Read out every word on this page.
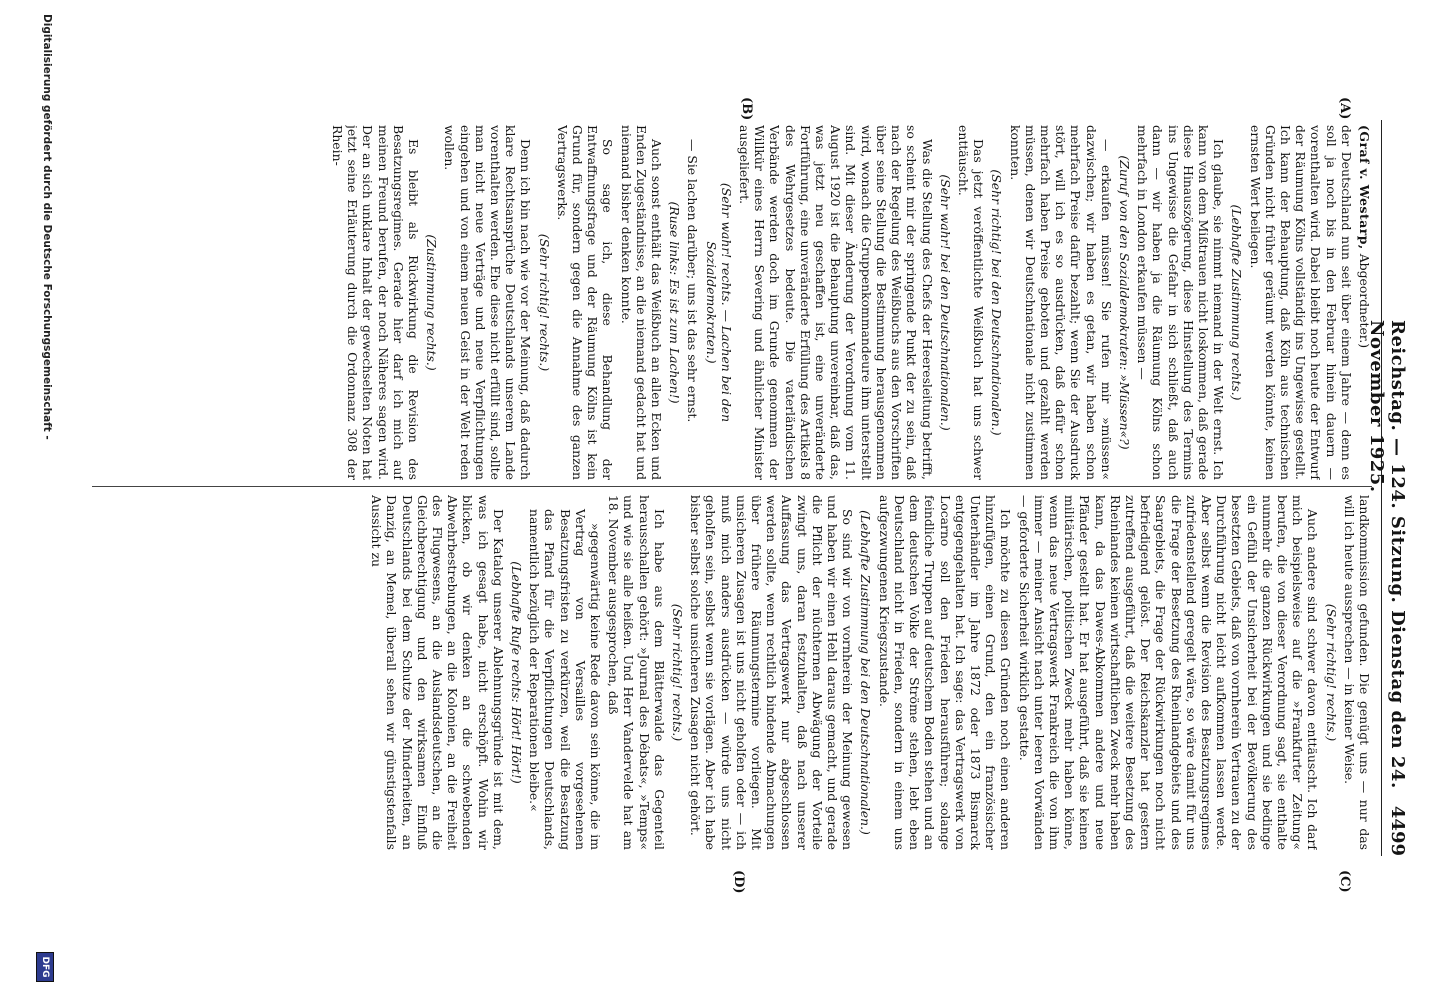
Reichstag. — 124. Sitzung. Dienstag den 24. November 1925.
4499
(A)
(B)
(C)
(D)

(Graf v. Westarp, Abgeordneter.)

der Deutschland nun seit über einem Jahre — denn es soll ja noch bis in den Februar hinein dauern — vorenthalten wird. Dabei bleibt noch heute der Entwurf der Räumung Kölns vollständig ins Ungewisse gestellt. Ich kann der Behauptung, daß Köln aus technischen Gründen nicht früher geräumt werden könnte, keinen ernsten Wert beilegen.

(Lebhafte Zustimmung rechts.)

Ich glaube, sie nimmt niemand in der Welt ernst. Ich kann von dem Mißtrauen nicht loskommen, daß gerade diese Hinauszögerung, diese Hinstellung des Termins ins Ungewisse die Gefahr in sich schließt, daß auch dann — wir haben ja die Räumung Kölns schon mehrfach in London erkaufen müssen —

(Zuruf von den Sozialdemokraten: »Müssen«?)

— erkaufen müssen! Sie rufen mir »müssen« dazwischen; wir haben es getan, wir haben schon mehrfach Preise dafür bezahlt; wenn Sie der Ausdruck stört, will ich es so ausdrücken, daß dafür schon mehrfach haben Preise geboten und gezahlt werden müssen, denen wir Deutschnationale nicht zustimmen konnten.

(Sehr richtig! bei den Deutschnationalen.)

Das jetzt veröffentlichte Weißbuch hat uns schwer enttäuscht.

(Sehr wahr! bei den Deutschnationalen.)

Was die Stellung des Chefs der Heeresleitung betrifft, so scheint mir der springende Punkt der zu sein, daß nach der Regelung des Weißbuchs aus den Vorschriften über seine Stellung die Bestimmung herausgenommen wird, wonach die Gruppenkommandeure ihm unterstellt sind. Mit dieser Änderung der Verordnung vom 11. August 1920 ist die Behauptung unvereinbar, daß das, was jetzt neu geschaffen ist, eine unveränderte Fortführung, eine unveränderte Erfüllung des Artikels 8 des Wehrgesetzes bedeute. Die vaterländischen Verbände werden doch im Grunde genommen der Willkür eines Herrn Severing und ähnlicher Minister ausgeliefert.

(Sehr wahr! rechts. — Lachen bei den Sozialdemokraten.)

— Sie lachen darüber; uns ist das sehr ernst.

(Ruse links: Es ist zum Lachen!)

Auch sonst enthält das Weißbuch an allen Ecken und Enden Zugeständnisse, an die niemand gedacht hat und niemand bisher denken konnte.

So sage ich, diese Behandlung der Entwaffnungsfrage und der Räumung Kölns ist kein Grund für, sondern gegen die Annahme des ganzen Vertragswerks.

(Sehr richtig! rechts.)

Denn ich bin nach wie vor der Meinung, daß dadurch klare Rechtsansprüche Deutschlands unserem Lande vorenthalten werden. Ehe diese nicht erfüllt sind, sollte man nicht neue Verträge und neue Verpflichtungen eingehen und von einem neuen Geist in der Welt reden wollen.

(Zustimmung rechts.)

Es bleibt als Rückwirkung die Revision des Besatzungsregimes. Gerade hier darf ich mich auf meinen Freund berufen, der noch Näheres sagen wird. Der an sich unklare Inhalt der gewechselten Noten hat jetzt seine Erläuterung durch die Ordonnanz 308 der Rhein-

landkommission gefunden. Die genügt uns — nur das will ich heute aussprechen — in keiner Weise.

(Sehr richtig! rechts.)

Auch andere sind schwer davon enttäuscht. Ich darf mich beispielsweise auf die »Frankfurter Zeitung« berufen, die von dieser Verordnung sagt, sie enthalte nunmehr die ganzen Rückwirkungen und sie bedinge ein Gefühl der Unsicherheit bei der Bevölkerung des besetzten Gebiets, daß von vornherein Vertrauen zu der Durchführung nicht leicht aufkommen lassen werde. Aber selbst wenn die Revision des Besatzungsregimes zufriedenstellend geregelt wäre, so wäre damit für uns die Frage der Besetzung des Rheinlandgebiets und des Saargebiets, die Frage der Rückwirkungen noch nicht befriedigend gelöst. Der Reichskanzler hat gestern zutreffend ausgeführt, daß die weitere Besetzung des Rheinlandes keinen wirtschaftlichen Zweck mehr haben kann, da das Dawes-Abkommen andere und neue Pfänder gestellt hat. Er hat ausgeführt, daß sie keinen militärischen, politischen Zweck mehr haben könne, wenn das neue Vertragswerk Frankreich die von ihm immer — meiner Ansicht nach unter leeren Vorwänden — geforderte Sicherheit wirklich gestatte.

Ich möchte zu diesen Gründen noch einen anderen hinzufügen, einen Grund, den ein französischer Unterhändler im Jahre 1872 oder 1873 Bismarck entgegengehalten hat. Ich sage: das Vertragswerk von Locarno soll den Frieden herausführen; solange feindliche Truppen auf deutschem Boden stehen und an dem deutschen Volke der Ströme stehen, lebt eben Deutschland nicht in Frieden, sondern in einem uns aufgezwungenen Kriegszustande.

(Lebhafte Zustimmung bei den Deutschnationalen.)

So sind wir von vornherein der Meinung gewesen und haben wir einen Hehl daraus gemacht, und gerade die Pflicht der nüchternen Abwägung der Vorteile zwingt uns, daran festzuhalten, daß nach unserer Auffassung das Vertragswerk nur abgeschlossen werden sollte, wenn rechtlich bindende Abmachungen über frühere Räumungstermine vorliegen. Mit unsicheren Zusagen ist uns nicht geholfen oder — ich muß mich anders ausdrücken — würde uns nicht geholfen sein, selbst wenn sie vorlägen. Aber ich habe bisher selbst solche unsicheren Zusagen nicht gehört.

(Sehr richtig! rechts.)

Ich habe aus dem Blätterwalde das Gegenteil herausschallen gehört: »Journal des Débats«, »Temps« und wie sie alle heißen. Und Herr Vandervelde hat am 18. November ausgesprochen, daß

»gegenwärtig keine Rede davon sein könne, die im Vertrag von Versailles vorgesehenen Besatzungsfristen zu verkürzen, weil die Besatzung das Pfand für die Verpflichtungen Deutschlands, namentlich bezüglich der Reparationen bleibe.«

(Lebhafte Rufe rechts: Hört! Hört!)

Der Katalog unserer Ablehnungsgründe ist mit dem, was ich gesagt habe, nicht erschöpft. Wohin wir blicken, ob wir denken an die schwebenden Abwehrbestrebungen, an die Kolonien, an die Freiheit des Flugwesens, an die Auslandsdeutschen, an die Gleichberechtigung und den wirksamen Einfluß Deutschlands bei dem Schutze der Minderheiten, an Danzig, an Memel, überall sehen wir günstigstenfalls Aussicht zu

Digitalisierung gefördert durch die Deutsche Forschungsgemeinschaft -
DFG
